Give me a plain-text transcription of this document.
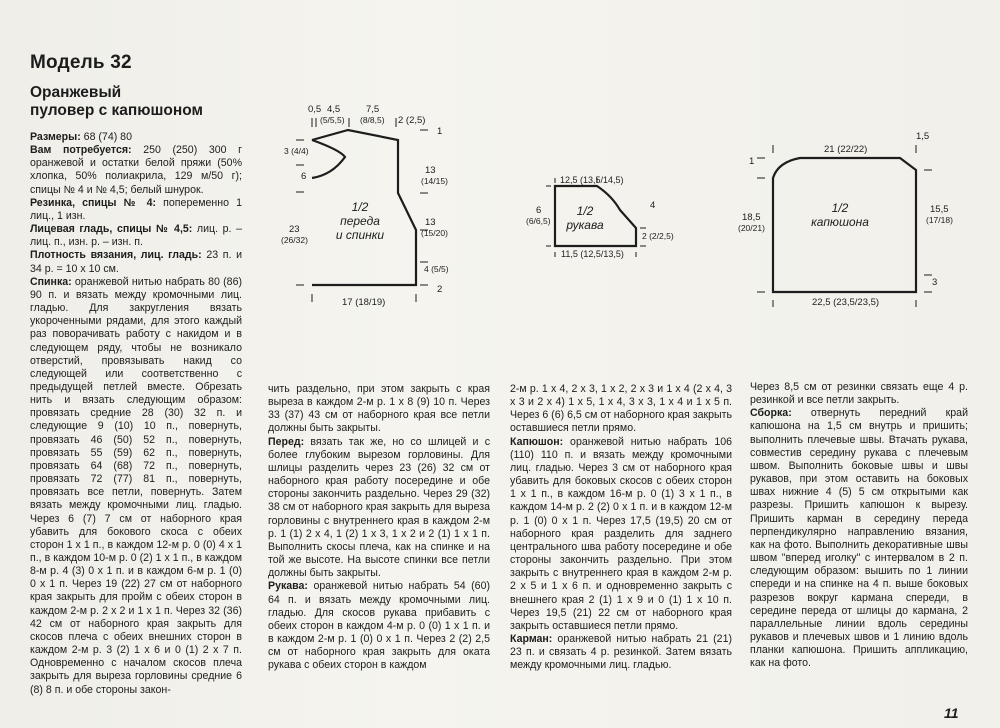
Модель 32
Оранжевый
пуловер с капюшоном

Размеры: 68 (74) 80

Вам потребуется: 250 (250) 300 г оранжевой и остатки белой пряжи (50% хлопка, 50% полиакрила, 129 м/50 г); спицы № 4 и № 4,5; белый шнурок.

Резинка, спицы № 4: попеременно 1 лиц., 1 изн.

Лицевая гладь, спицы № 4,5: лиц. р. – лиц. п., изн. р. – изн. п.

Плотность вязания, лиц. гладь: 23 п. и 34 р. = 10 х 10 см.

Спинка: оранжевой нитью набрать 80 (86) 90 п. и вязать между кромочными лиц. гладью. Для закругления вязать укороченными рядами, для этого каждый раз поворачивать работу с накидом и в следующем ряду, чтобы не возникало отверстий, провязывать накид со следующей или соответственно с предыдущей петлей вместе. Обрезать нить и вязать следующим образом: провязать средние 28 (30) 32 п. и следующие 9 (10) 10 п., повернуть, провязать 46 (50) 52 п., повернуть, провязать 55 (59) 62 п., повернуть, провязать 64 (68) 72 п., повернуть, провязать 72 (77) 81 п., повернуть, провязать все петли, повернуть. Затем вязать между кромочными лиц. гладью. Через 6 (7) 7 см от наборного края убавить для бокового скоса с обеих сторон 1 х 1 п., в каждом 12-м р. 0 (0) 4 х 1 п., в каждом 10-м р. 0 (2) 1 х 1 п., в каждом 8-м р. 4 (3) 0 х 1 п. и в каждом 6-м р. 1 (0) 0 х 1 п. Через 19 (22) 27 см от наборного края закрыть для пройм с обеих сторон в каждом 2-м р. 2 х 2 и 1 х 1 п. Через 32 (36) 42 см от наборного края закрыть для скосов плеча с обеих внешних сторон в каждом 2-м р. 3 (2) 1 х 6 и 0 (1) 2 х 7 п. Одновременно с началом скосов плеча закрыть для выреза горловины средние 6 (8) 8 п. и обе стороны закон-

чить раздельно, при этом закрыть с края выреза в каждом 2-м р. 1 х 8 (9) 10 п. Через 33 (37) 43 см от наборного края все петли должны быть закрыты.

Перед: вязать так же, но со шлицей и с более глубоким вырезом горловины. Для шлицы разделить через 23 (26) 32 см от наборного края работу посередине и обе стороны закончить раздельно. Через 29 (32) 38 см от наборного края закрыть для выреза горловины с внутреннего края в каждом 2-м р. 1 (1) 2 х 4, 1 (2) 1 х 3, 1 х 2 и 2 (1) 1 х 1 п. Выполнить скосы плеча, как на спинке и на той же высоте. На высоте спинки все петли должны быть закрыты.

Рукава: оранжевой нитью набрать 54 (60) 64 п. и вязать между кромочными лиц. гладью. Для скосов рукава прибавить с обеих сторон в каждом 4-м р. 0 (0) 1 х 1 п. и в каждом 2-м р. 1 (0) 0 х 1 п. Через 2 (2) 2,5 см от наборного края закрыть для оката рукава с обеих сторон в каждом

2-м р. 1 х 4, 2 х 3, 1 х 2, 2 х 3 и 1 х 4 (2 х 4, 3 х 3 и 2 х 4) 1 х 5, 1 х 4, 3 х 3, 1 х 4 и 1 х 5 п. Через 6 (6) 6,5 см от наборного края закрыть оставшиеся петли прямо.

Капюшон: оранжевой нитью набрать 106 (110) 110 п. и вязать между кромочными лиц. гладью. Через 3 см от наборного края убавить для боковых скосов с обеих сторон 1 х 1 п., в каждом 16-м р. 0 (1) 3 х 1 п., в каждом 14-м р. 2 (2) 0 х 1 п. и в каждом 12-м р. 1 (0) 0 х 1 п. Через 17,5 (19,5) 20 см от наборного края разделить для заднего центрального шва работу посередине и обе стороны закончить раздельно. При этом закрыть с внутреннего края в каждом 2-м р. 2 х 5 и 1 х 6 п. и одновременно закрыть с внешнего края 2 (1) 1 х 9 и 0 (1) 1 х 10 п. Через 19,5 (21) 22 см от наборного края закрыть оставшиеся петли прямо.

Карман: оранжевой нитью набрать 21 (21) 23 п. и связать 4 р. резинкой. Затем вязать между кромочными лиц. гладью.

Через 8,5 см от резинки связать еще 4 р. резинкой и все петли закрыть.

Сборка: отвернуть передний край капюшона на 1,5 см внутрь и пришить; выполнить плечевые швы. Втачать рукава, совместив середину рукава с плечевым швом. Выполнить боковые швы и швы рукавов, при этом оставить на боковых швах нижние 4 (5) 5 см открытыми как разрезы. Пришить капюшон к вырезу. Пришить карман в середину переда перпендикулярно направлению вязания, как на фото. Выполнить декоративные швы швом "вперед иголку" с интервалом в 2 п. следующим образом: вышить по 1 линии спереди и на спинке на 4 п. выше боковых разрезов вокруг кармана спереди, в середине переда от шлицы до кармана, 2 параллельные линии вдоль середины рукавов и плечевых швов и 1 линию вдоль планки капюшона. Пришить аппликацию, как на фото.

0,5 4,5
(5/5,5)
7,5
(8/8,5) 2 (2,5)
3 (4/4)
6
23
(26/32)
1
13
(14/15)
13
(15/20)
4 (5/5)
2
17 (18/19)
1/2
переда
и спинки
12,5 (13,5/14,5)
6
(6/6,5)
4
2 (2/2,5)
11,5 (12,5/13,5)
1/2
рукава
21 (22/22)
1
1,5
18,5
(20/21)
15,5
(17/18)
3
22,5 (23,5/23,5)
1/2
капюшона
11
